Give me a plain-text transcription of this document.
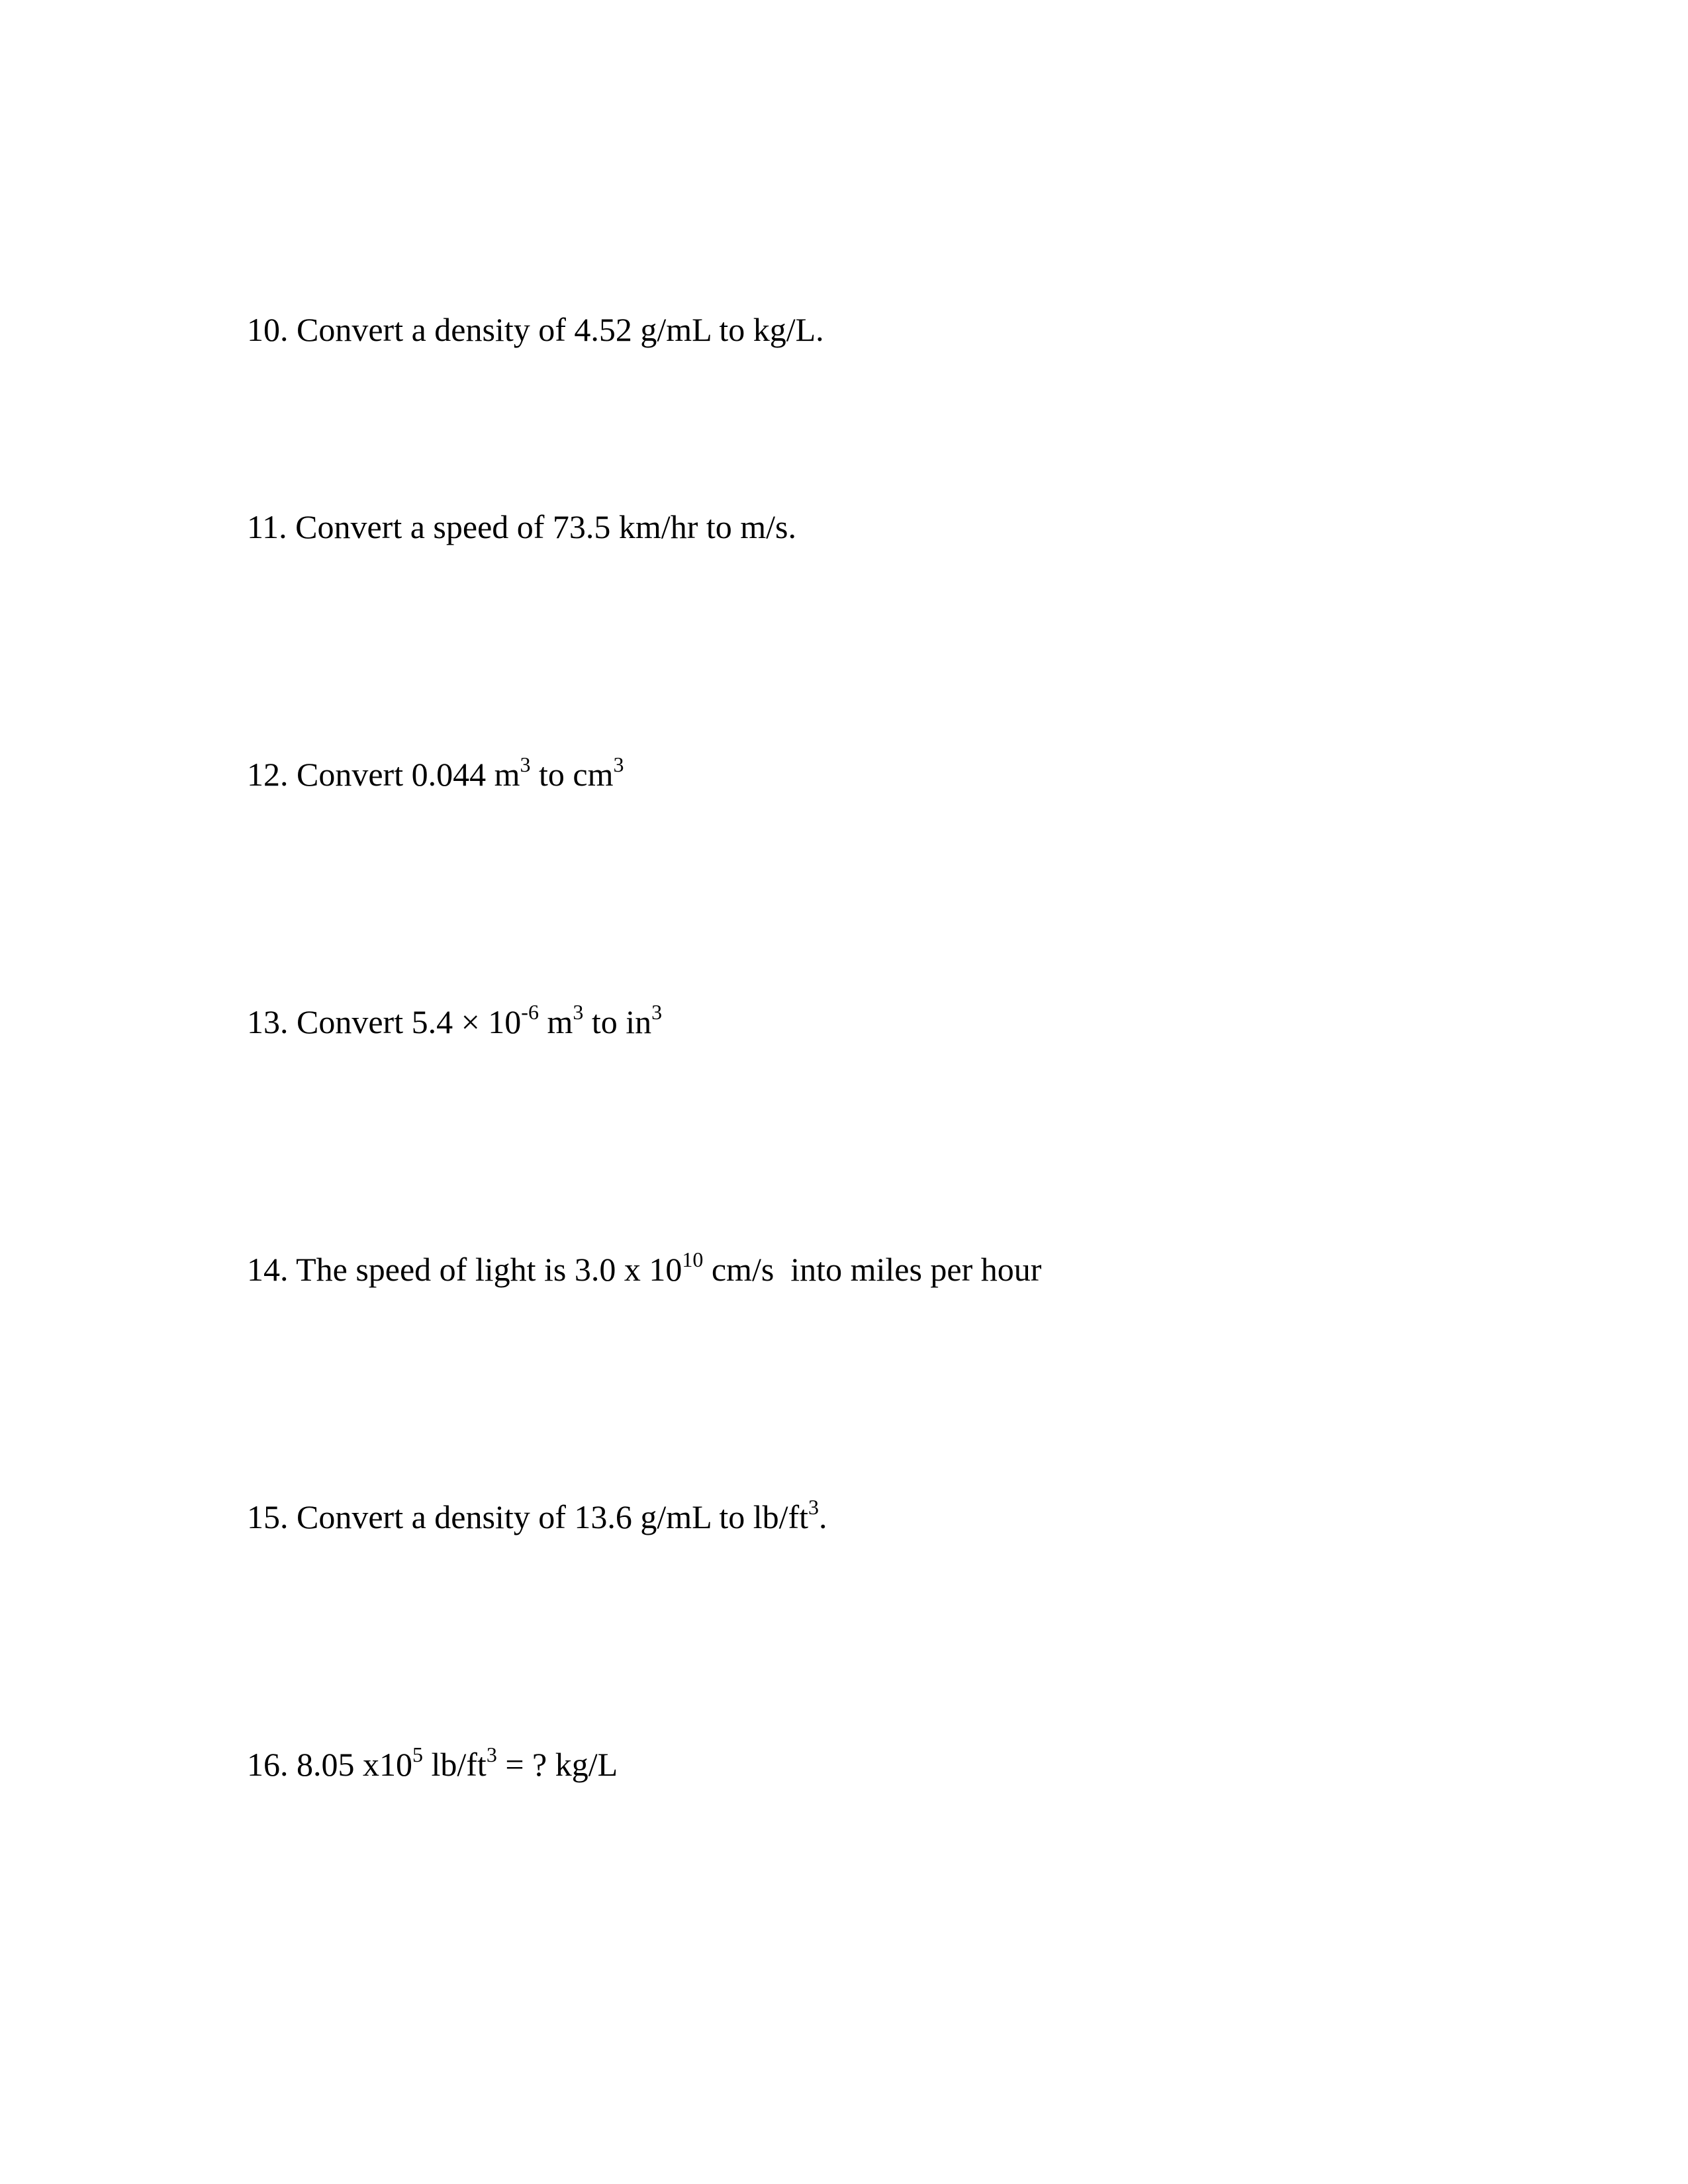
10. Convert a density of 4.52 g/mL to kg/L.
11. Convert a speed of 73.5 km/hr to m/s.
12. Convert 0.044 $m^3$ to $cm^3$
13. Convert $5.4 \times 10^{-6}$ $m^3$ to $in^3$
14. The speed of light is 3.0 x $10^{10}$ cm/s  into miles per hour
15. Convert a density of 13.6 g/mL to $lb/ft^3$.
16. 8.05 $x10^5$ $lb/ft^3$ = ? kg/L
